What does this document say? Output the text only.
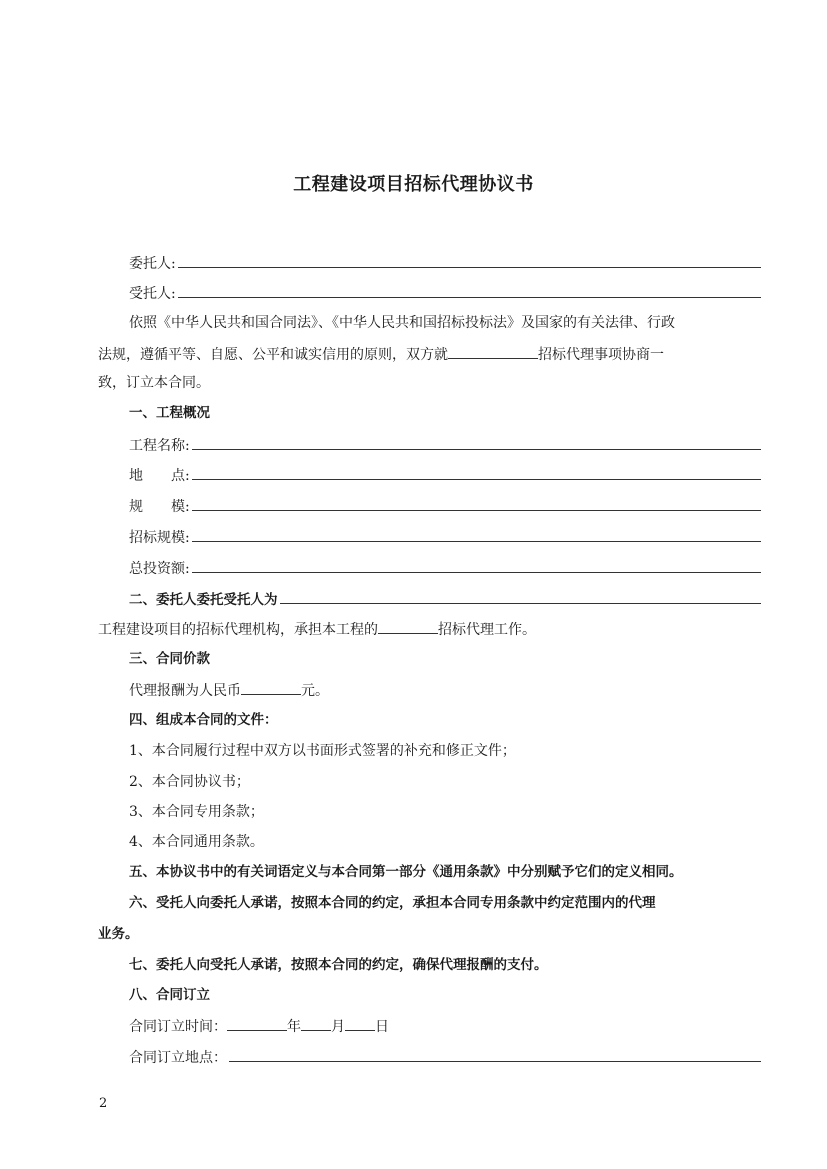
工程建设项目招标代理协议书
委托人:
受托人:
依照《中华人民共和国合同法》、《中华人民共和国招标投标法》及国家的有关法律、行政
法规，遵循平等、自愿、公平和诚实信用的原则，双方就	招标代理事项协商一
致，订立本合同。
一、工程概况
工程名称:
地　　点:
规　　模:
招标规模:
总投资额:
二、委托人委托受托人为
工程建设项目的招标代理机构，承担本工程的	招标代理工作。
三、合同价款
代理报酬为人民币	元。
四、组成本合同的文件：
1、本合同履行过程中双方以书面形式签署的补充和修正文件；
2、本合同协议书；
3、本合同专用条款；
4、本合同通用条款。
五、本协议书中的有关词语定义与本合同第一部分《通用条款》中分别赋予它们的定义相同。
六、受托人向委托人承诺，按照本合同的约定，承担本合同专用条款中约定范围内的代理
业务。
七、委托人向受托人承诺，按照本合同的约定，确保代理报酬的支付。
八、合同订立
合同订立时间：	年 月 日
合同订立地点：
2
